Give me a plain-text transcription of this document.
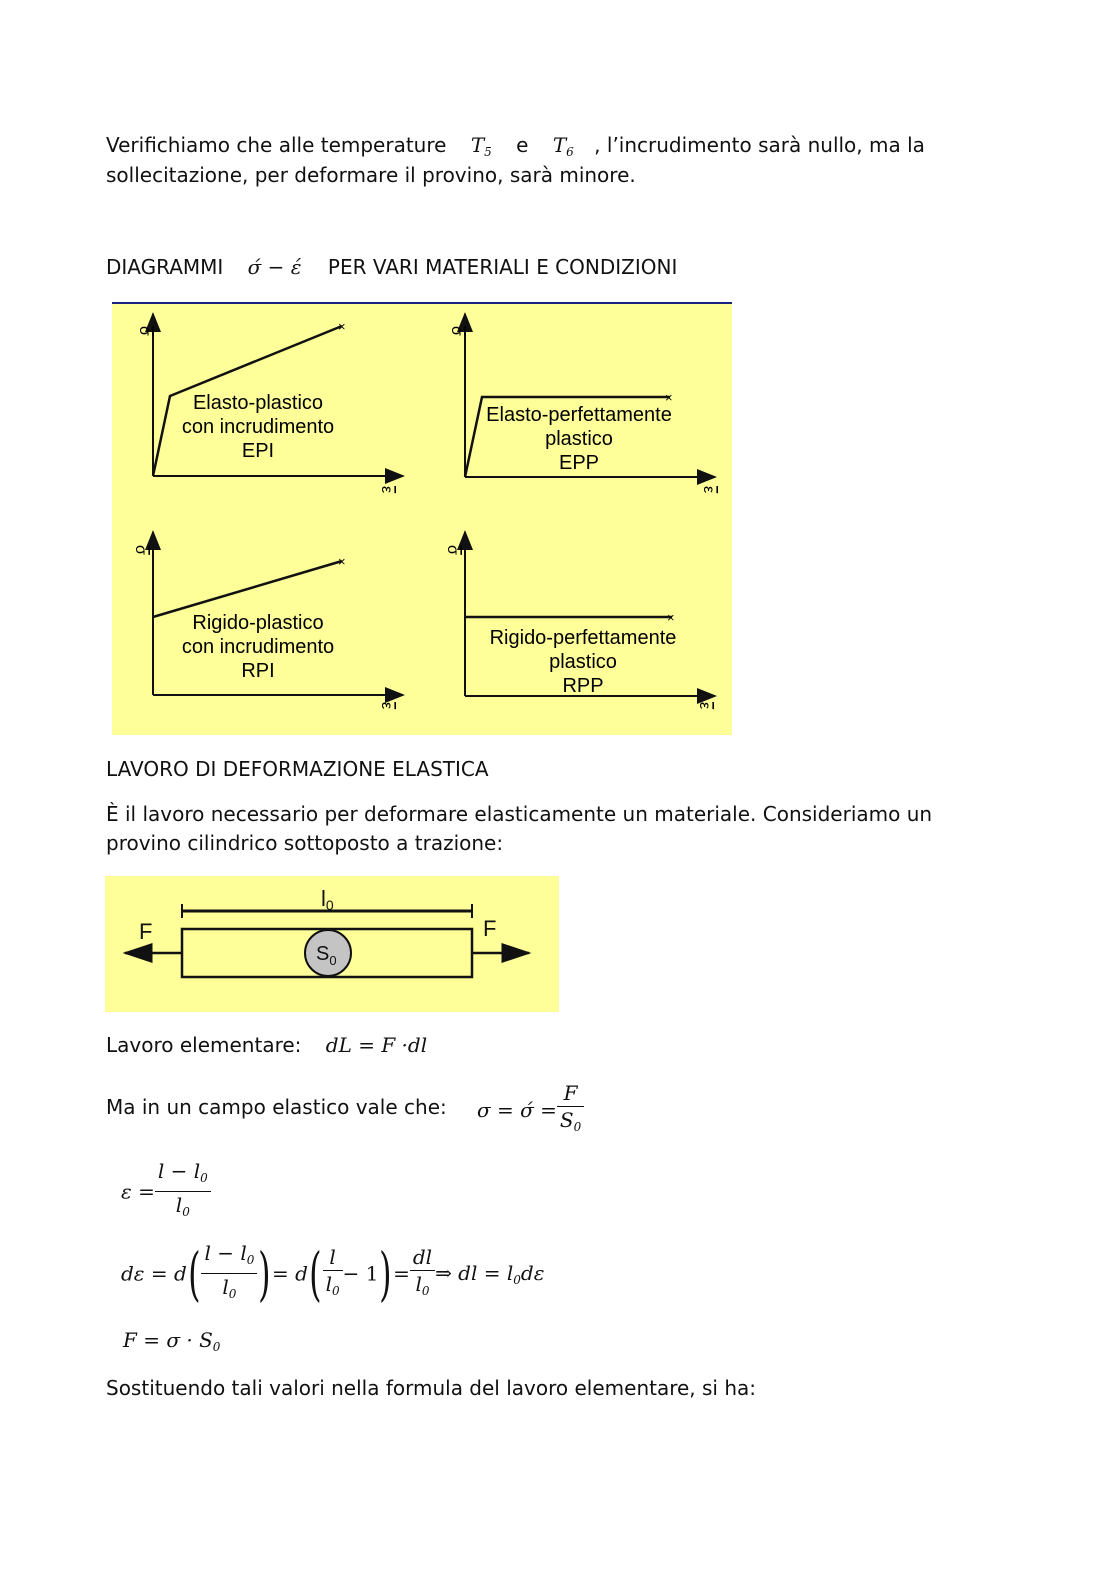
Verifichiamo che alle temperature $T_5$ e $T_6$ , l’incrudimento sarà nullo, ma la
sollecitazione, per deformare il provino, sarà minore.
DIAGRAMMI σ́ − έ PER VARI MATERIALI E CONDIZIONI
σ
ε
×
Elasto-plastico
con incrudimento
EPI
σ
ε
×
Elasto-perfettamente
plastico
EPP
σ
ε
×
Rigido-plastico
con incrudimento
RPI
σ
ε
×
Rigido-perfettamente
plastico
RPP
LAVORO DI DEFORMAZIONE ELASTICA
È il lavoro necessario per deformare elasticamente un materiale. Consideriamo un
provino cilindrico sottoposto a trazione:
l0
$S_0$
F	F
Lavoro elementare: dL = F ·dl
Ma in un campo elastico vale che: σ = σ́ = $\frac{F}{S_0}$
$\varepsilon = \frac{l - l_0}{l_0}$
$d\varepsilon = d( \frac{l - l_0}{l_0}$ )= $d( \frac{l}{l_0} - 1)= \frac{dl}{l_0}$ ⇒ dl = $l_0d\varepsilon$
$F = \sigma \cdot S_0$
Sostituendo tali valori nella formula del lavoro elementare, si ha:
